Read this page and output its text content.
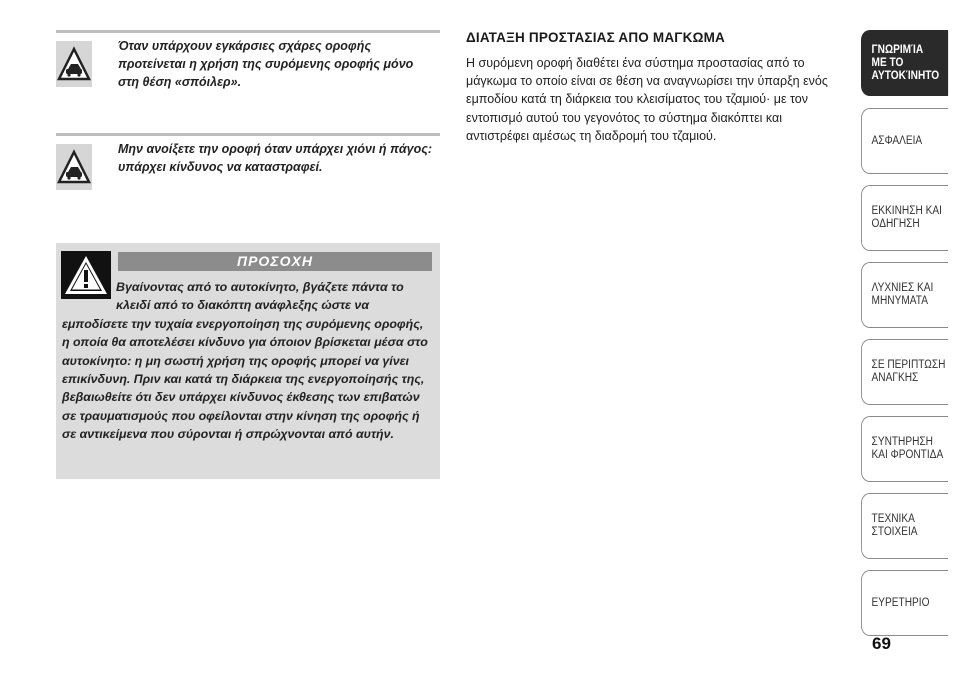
Όταν υπάρχουν εγκάρσιες σχάρες οροφής προτείνεται η χρήση της συρόμενης οροφής μόνο στη θέση «σπόιλερ».
Μην ανοίξετε την οροφή όταν υπάρχει χιόνι ή πάγος: υπάρχει κίνδυνος να καταστραφεί.
ΠΡΟΣΟΧΗ
Βγαίνοντας από το αυτοκίνητο, βγάζετε πάντα το κλειδί από το διακόπτη ανάφλεξης ώστε να εμποδίσετε την τυχαία ενεργοποίηση της συρόμενης οροφής, η οποία θα αποτελέσει κίνδυνο για όποιον βρίσκεται μέσα στο αυτοκίνητο: η μη σωστή χρήση της οροφής μπορεί να γίνει επικίνδυνη. Πριν και κατά τη διάρκεια της ενεργοποίησής της, βεβαιωθείτε ότι δεν υπάρχει κίνδυνος έκθεσης των επιβατών σε τραυματισμούς που οφείλονται στην κίνηση της οροφής ή σε αντικείμενα που σύρονται ή σπρώχνονται από αυτήν.
ΔΙΑΤΑΞΗ ΠΡΟΣΤΑΣΙΑΣ ΑΠΟ ΜΑΓΚΩΜΑ

Η συρόμενη οροφή διαθέτει ένα σύστημα προστασίας από το μάγκωμα το οποίο είναι σε θέση να αναγνωρίσει την ύπαρξη ενός εμποδίου κατά τη διάρκεια του κλεισίματος του τζαμιού· με τον εντοπισμό αυτού του γεγονότος το σύστημα διακόπτει και αντιστρέφει αμέσως τη διαδρομή του τζαμιού.

ΓΝΩΡΙΜΊΑ
ΜΕ ΤΟ
ΑΥΤΟΚΊΝΗΤΟ
ΑΣΦΑΛΕΙΑ
ΕΚΚΙΝΗΣΗ ΚΑΙ
ΟΔΗΓΗΣΗ
ΛΥΧΝΙΕΣ ΚΑΙ
ΜΗΝΥΜΑΤΑ
ΣΕ ΠΕΡΙΠΤΩΣΗ
ΑΝΑΓΚΗΣ
ΣΥΝΤΗΡΗΣΗ
ΚΑΙ ΦΡΟΝΤΙΔΑ
ΤΕΧΝΙΚΑ
ΣΤΟΙΧΕΙΑ
ΕΥΡΕΤΗΡΙΟ
69
